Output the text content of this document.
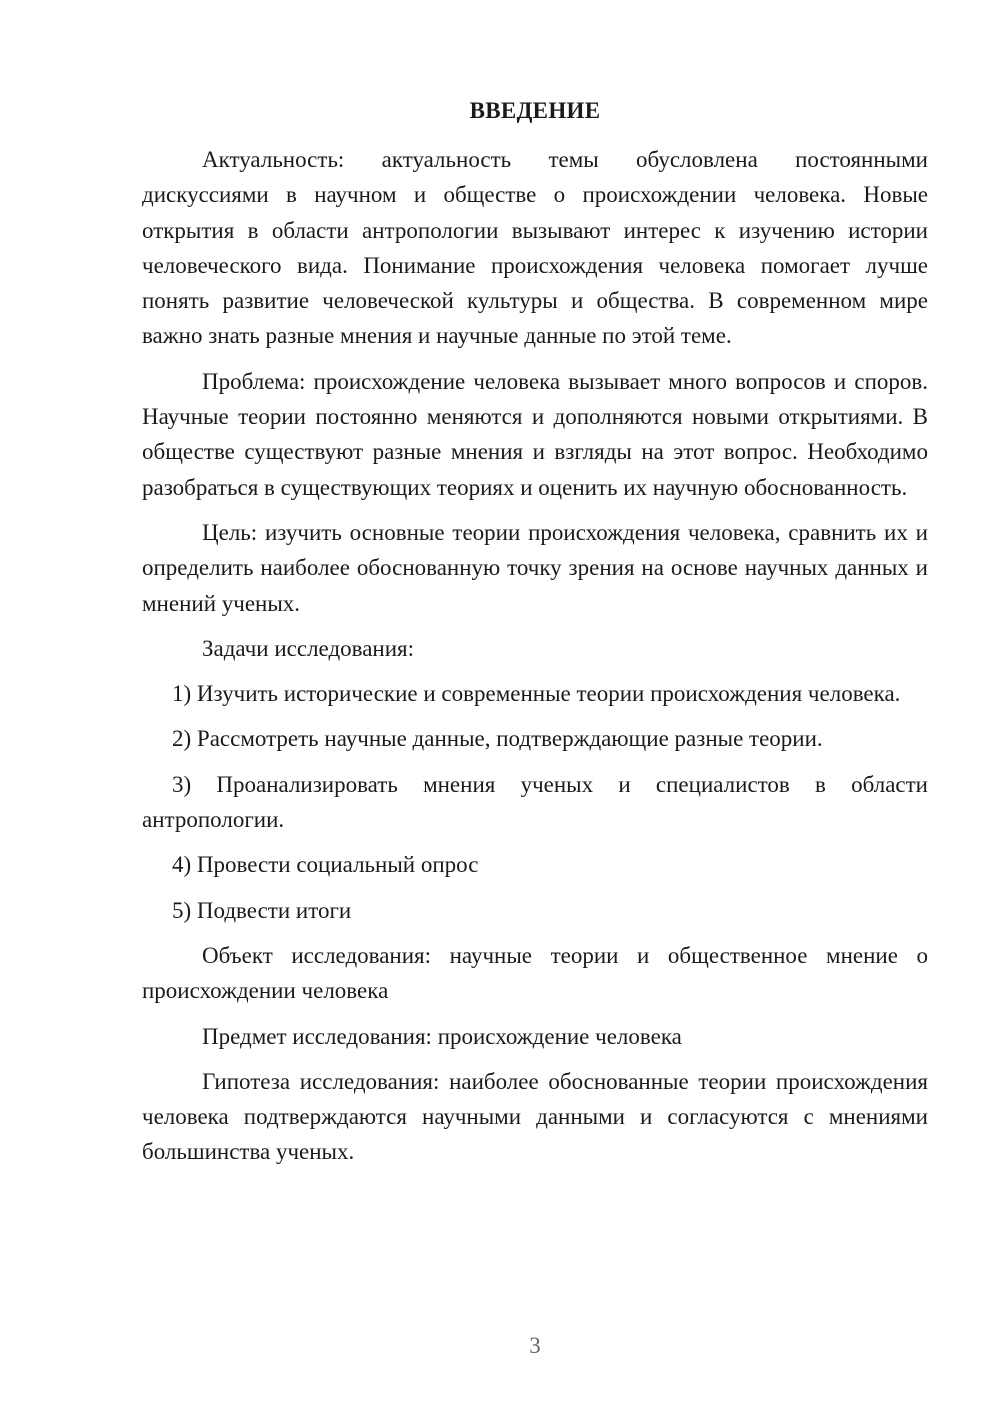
ВВЕДЕНИЕ

Актуальность: актуальность темы обусловлена постоянными дискуссиями в научном и обществе о происхождении человека. Новые открытия в области антропологии вызывают интерес к изучению истории человеческого вида. Понимание происхождения человека помогает лучше понять развитие человеческой культуры и общества. В современном мире важно знать разные мнения и научные данные по этой теме.

Проблема: происхождение человека вызывает много вопросов и споров. Научные теории постоянно меняются и дополняются новыми открытиями. В обществе существуют разные мнения и взгляды на этот вопрос. Необходимо разобраться в существующих теориях и оценить их научную обоснованность.

Цель: изучить основные теории происхождения человека, сравнить их и определить наиболее обоснованную точку зрения на основе научных данных и мнений ученых.

Задачи исследования:

1) Изучить исторические и современные теории происхождения человека.

2) Рассмотреть научные данные, подтверждающие разные теории.

3) Проанализировать мнения ученых и специалистов в области антропологии.

4) Провести социальный опрос

5) Подвести итоги

Объект исследования: научные теории и общественное мнение о происхождении человека

Предмет исследования: происхождение человека

Гипотеза исследования: наиболее обоснованные теории происхождения человека подтверждаются научными данными и согласуются с мнениями большинства ученых.

3
